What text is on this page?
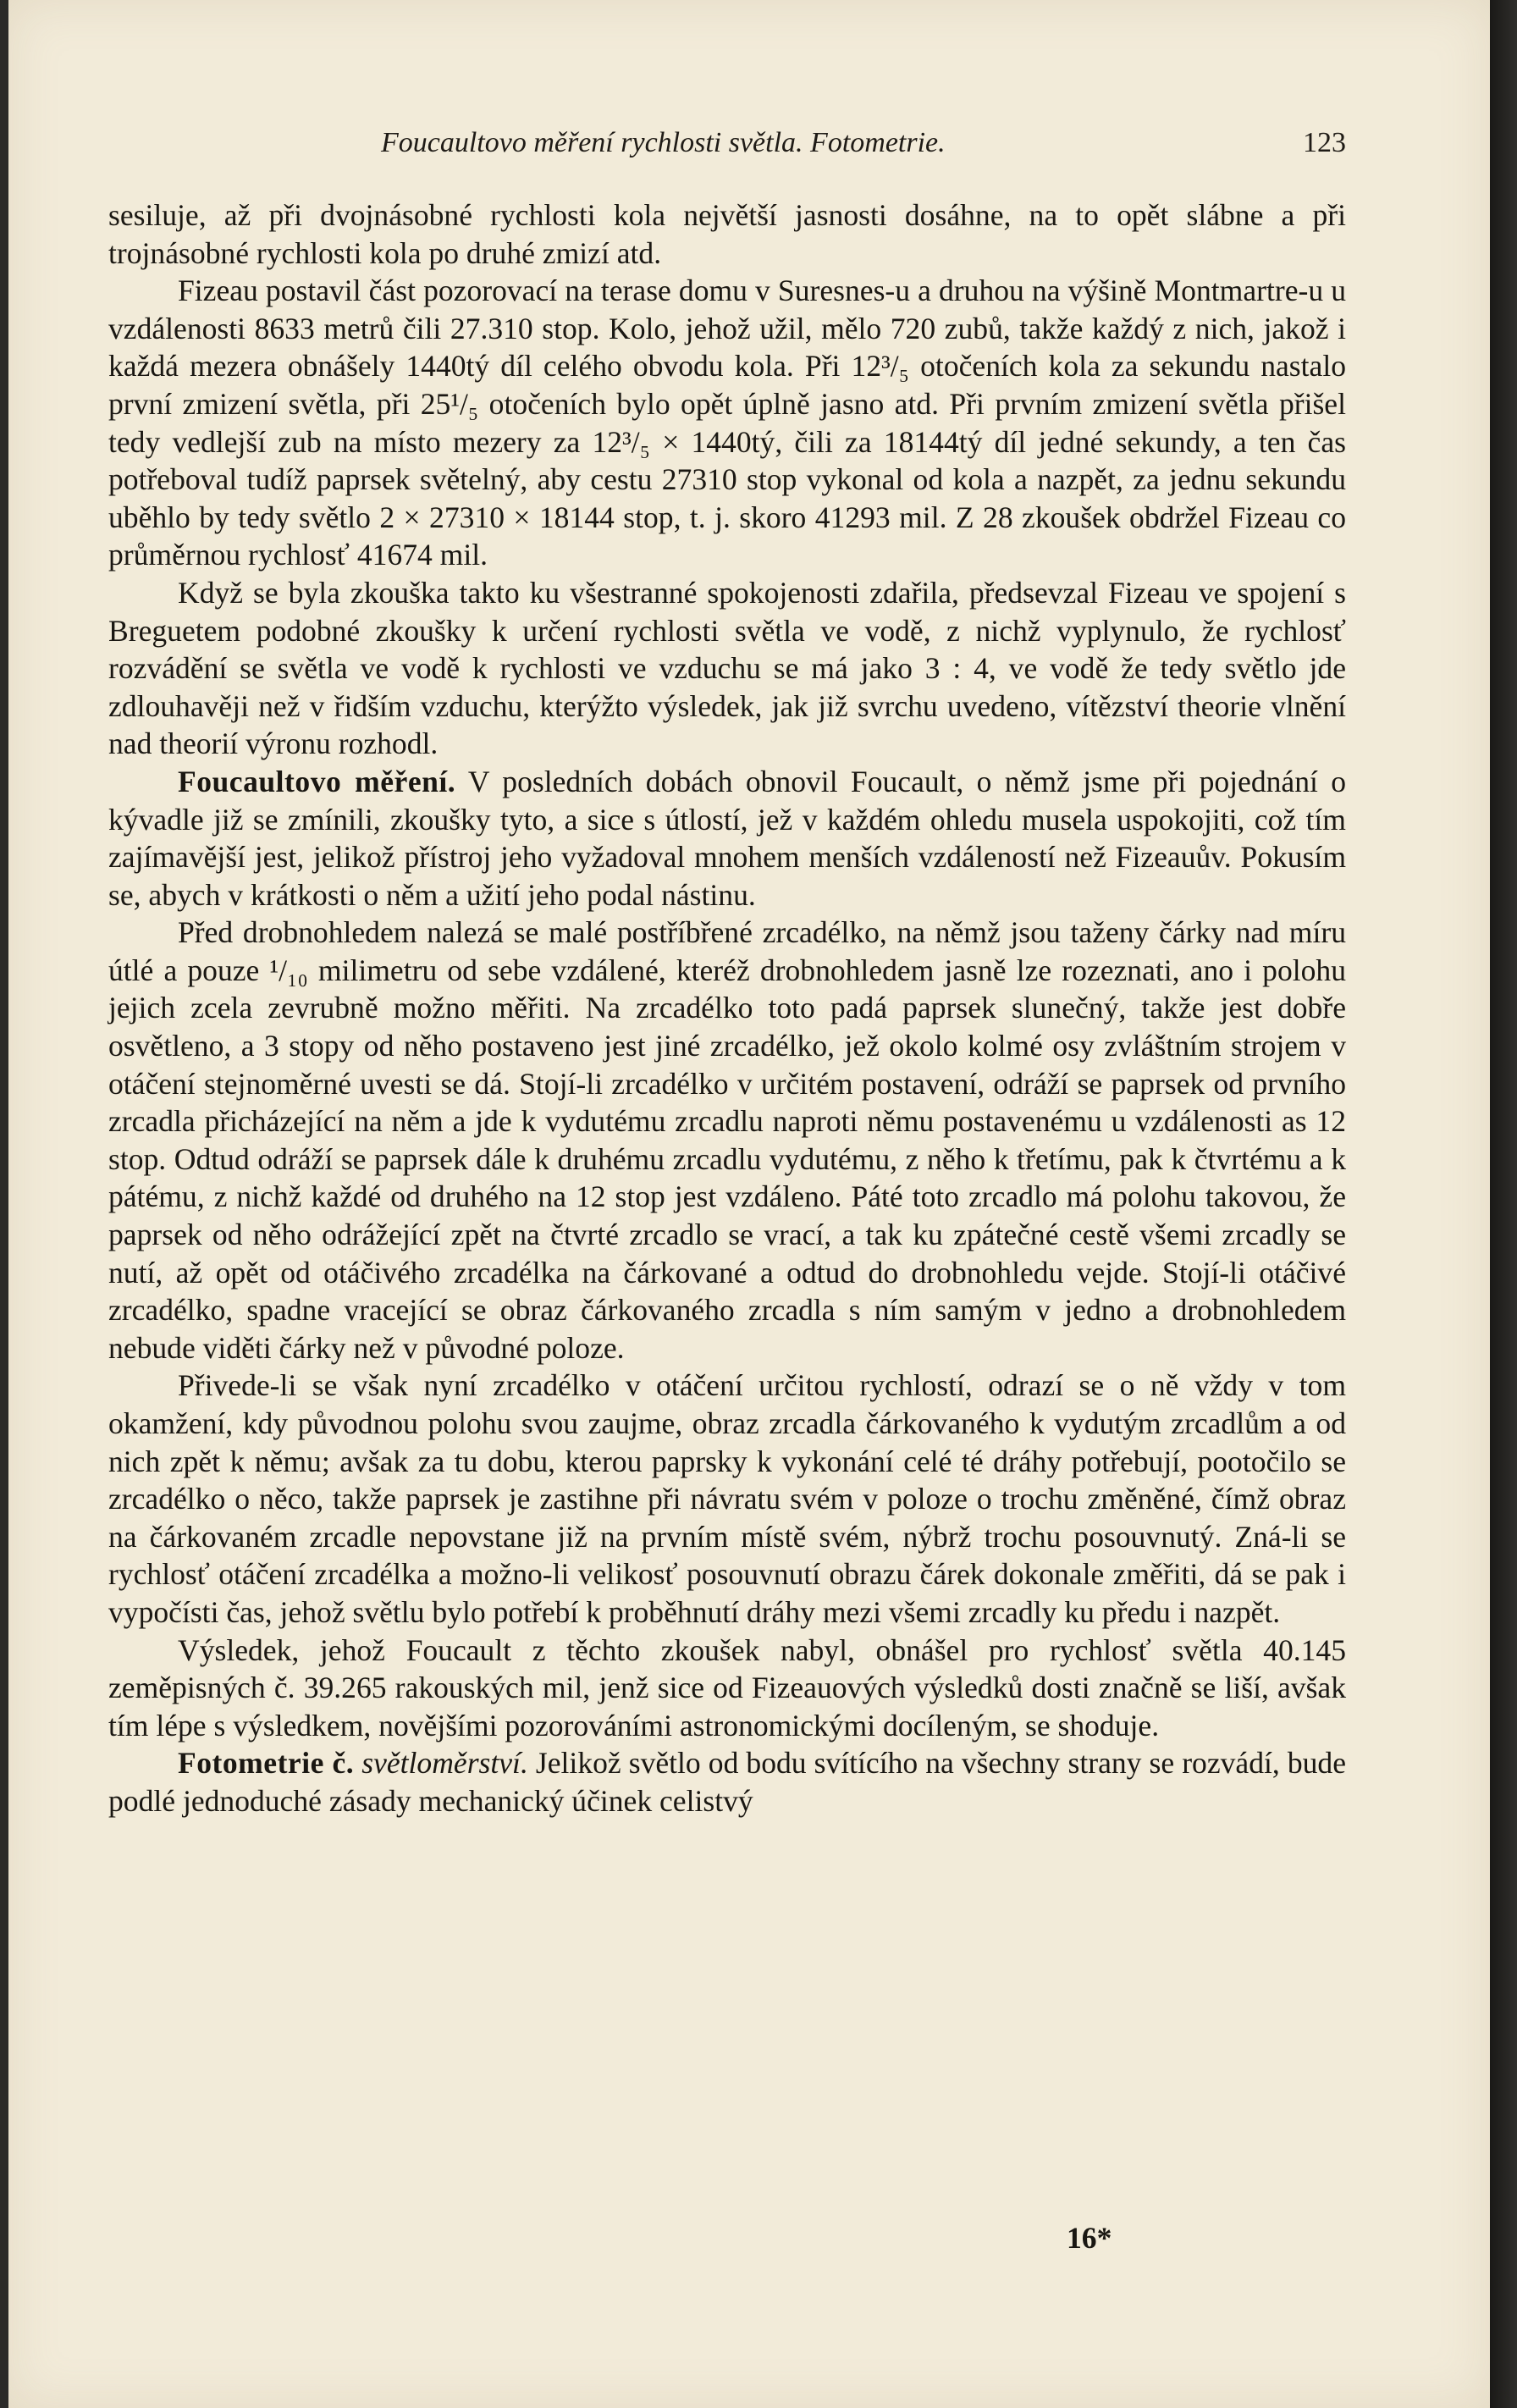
Foucaultovo měření rychlosti světla. Fotometrie.	123

sesiluje, až při dvojnásobné rychlosti kola největší jasnosti dosáhne, na to opět slábne a při trojnásobné rychlosti kola po druhé zmizí atd.

Fizeau postavil část pozorovací na terase domu v Suresnes-u a druhou na výšině Montmartre-u u vzdálenosti 8633 metrů čili 27.310 stop. Kolo, jehož užil, mělo 720 zubů, takže každý z nich, jakož i každá mezera obnášely 1440tý díl celého obvodu kola. Při 12³/₅ otočeních kola za sekundu nastalo první zmizení světla, při 25¹/₅ otočeních bylo opět úplně jasno atd. Při prvním zmizení světla přišel tedy vedlejší zub na místo mezery za 12³/₅ × 1440tý, čili za 18144tý díl jedné sekundy, a ten čas potřeboval tudíž paprsek světelný, aby cestu 27310 stop vykonal od kola a nazpět, za jednu sekundu uběhlo by tedy světlo 2 × 27310 × 18144 stop, t. j. skoro 41293 mil. Z 28 zkoušek obdržel Fizeau co průměrnou rychlosť 41674 mil.

Když se byla zkouška takto ku všestranné spokojenosti zdařila, předsevzal Fizeau ve spojení s Breguetem podobné zkoušky k určení rychlosti světla ve vodě, z nichž vyplynulo, že rychlosť rozvádění se světla ve vodě k rychlosti ve vzduchu se má jako 3 : 4, ve vodě že tedy světlo jde zdlouhavěji než v řidším vzduchu, kterýžto výsledek, jak již svrchu uvedeno, vítězství theorie vlnění nad theorií výronu rozhodl.

Foucaultovo měření. V posledních dobách obnovil Foucault, o němž jsme při pojednání o kývadle již se zmínili, zkoušky tyto, a sice s útlostí, jež v každém ohledu musela uspokojiti, což tím zajímavější jest, jelikož přístroj jeho vyžadoval mnohem menších vzdáleností než Fizeauův. Pokusím se, abych v krátkosti o něm a užití jeho podal nástinu.

Před drobnohledem nalezá se malé postříbřené zrcadélko, na němž jsou taženy čárky nad míru útlé a pouze ¹/₁₀ milimetru od sebe vzdálené, kteréž drobnohledem jasně lze rozeznati, ano i polohu jejich zcela zevrubně možno měřiti. Na zrcadélko toto padá paprsek slunečný, takže jest dobře osvětleno, a 3 stopy od něho postaveno jest jiné zrcadélko, jež okolo kolmé osy zvláštním strojem v otáčení stejnoměrné uvesti se dá. Stojí-li zrcadélko v určitém postavení, odráží se paprsek od prvního zrcadla přicházející na něm a jde k vydutému zrcadlu naproti němu postavenému u vzdálenosti as 12 stop. Odtud odráží se paprsek dále k druhému zrcadlu vydutému, z něho k třetímu, pak k čtvrtému a k pátému, z nichž každé od druhého na 12 stop jest vzdáleno. Páté toto zrcadlo má polohu takovou, že paprsek od něho odrážející zpět na čtvrté zrcadlo se vrací, a tak ku zpátečné cestě všemi zrcadly se nutí, až opět od otáčivého zrcadélka na čárkované a odtud do drobnohledu vejde. Stojí-li otáčivé zrcadélko, spadne vracející se obraz čárkovaného zrcadla s ním samým v jedno a drobnohledem nebude viděti čárky než v původné poloze.

Přivede-li se však nyní zrcadélko v otáčení určitou rychlostí, odrazí se o ně vždy v tom okamžení, kdy původnou polohu svou zaujme, obraz zrcadla čárkovaného k vydutým zrcadlům a od nich zpět k němu; avšak za tu dobu, kterou paprsky k vykonání celé té dráhy potřebují, pootočilo se zrcadélko o něco, takže paprsek je zastihne při návratu svém v poloze o trochu změněné, čímž obraz na čárkovaném zrcadle nepovstane již na prvním místě svém, nýbrž trochu posouvnutý. Zná-li se rychlosť otáčení zrcadélka a možno-li velikosť posouvnutí obrazu čárek dokonale změřiti, dá se pak i vypočísti čas, jehož světlu bylo potřebí k proběhnutí dráhy mezi všemi zrcadly ku předu i nazpět.

Výsledek, jehož Foucault z těchto zkoušek nabyl, obnášel pro rychlosť světla 40.145 zeměpisných č. 39.265 rakouských mil, jenž sice od Fizeauových výsledků dosti značně se liší, avšak tím lépe s výsledkem, novějšími pozorováními astronomickými docíleným, se shoduje.

Fotometrie č. světloměrství. Jelikož světlo od bodu svítícího na všechny strany se rozvádí, bude podlé jednoduché zásady mechanický účinek celistvý

16*
